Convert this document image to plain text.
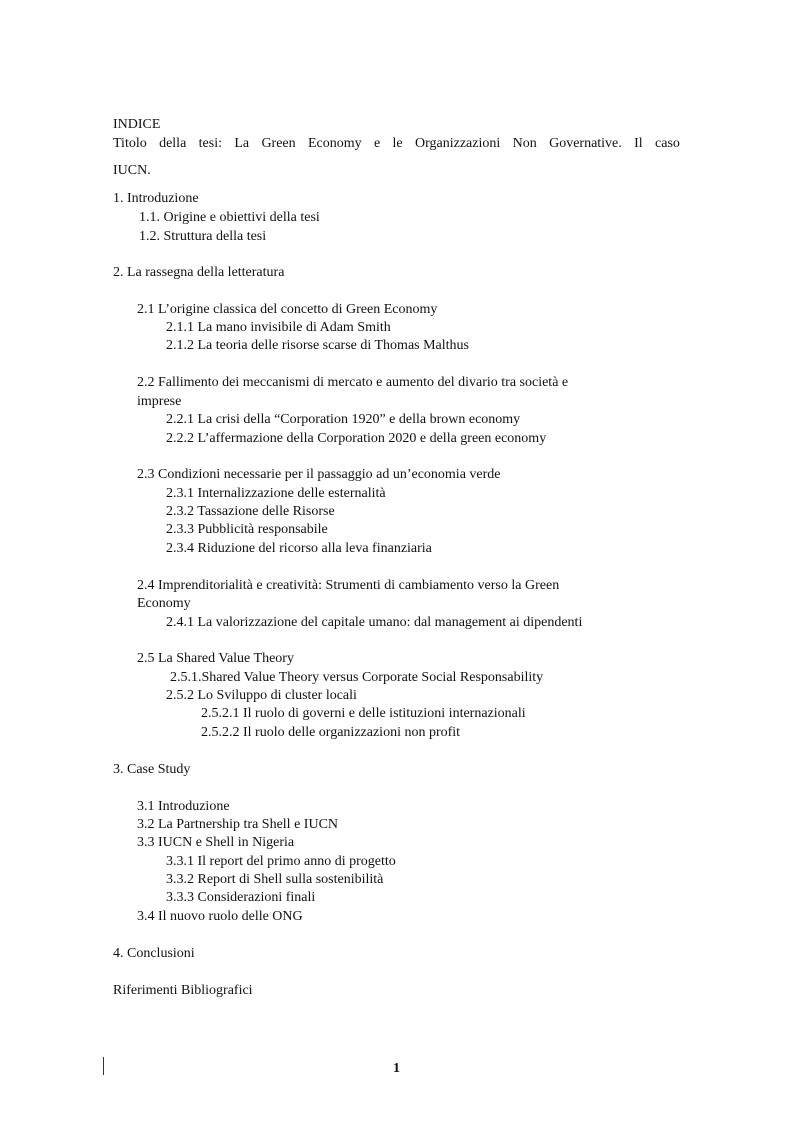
INDICE
Titolo della tesi: La Green Economy e le Organizzazioni Non Governative. Il caso
IUCN.
1. Introduzione
1.1. Origine e obiettivi della tesi
1.2. Struttura della tesi
2. La rassegna della letteratura
2.1 L’origine classica del concetto di Green Economy
2.1.1 La mano invisibile di Adam Smith
2.1.2 La teoria delle risorse scarse di Thomas Malthus
2.2 Fallimento dei meccanismi di mercato e aumento del divario tra società e
imprese
2.2.1 La crisi della “Corporation 1920” e della brown economy
2.2.2 L’affermazione della Corporation 2020 e della green economy
2.3 Condizioni necessarie per il passaggio ad un’economia verde
2.3.1 Internalizzazione delle esternalità
2.3.2 Tassazione delle Risorse
2.3.3 Pubblicità responsabile
2.3.4 Riduzione del ricorso alla leva finanziaria
2.4 Imprenditorialità e creatività: Strumenti di cambiamento verso la Green
Economy
2.4.1 La valorizzazione del capitale umano: dal management ai dipendenti
2.5 La Shared Value Theory
2.5.1.Shared Value Theory versus Corporate Social Responsability
2.5.2 Lo Sviluppo di cluster locali
2.5.2.1 Il ruolo di governi e delle istituzioni internazionali
2.5.2.2 Il ruolo delle organizzazioni non profit
3. Case Study
3.1 Introduzione
3.2 La Partnership tra Shell e IUCN
3.3 IUCN e Shell in Nigeria
3.3.1 Il report del primo anno di progetto
3.3.2 Report di Shell sulla sostenibilità
3.3.3 Considerazioni finali
3.4 Il nuovo ruolo delle ONG
4. Conclusioni
Riferimenti Bibliografici
1
